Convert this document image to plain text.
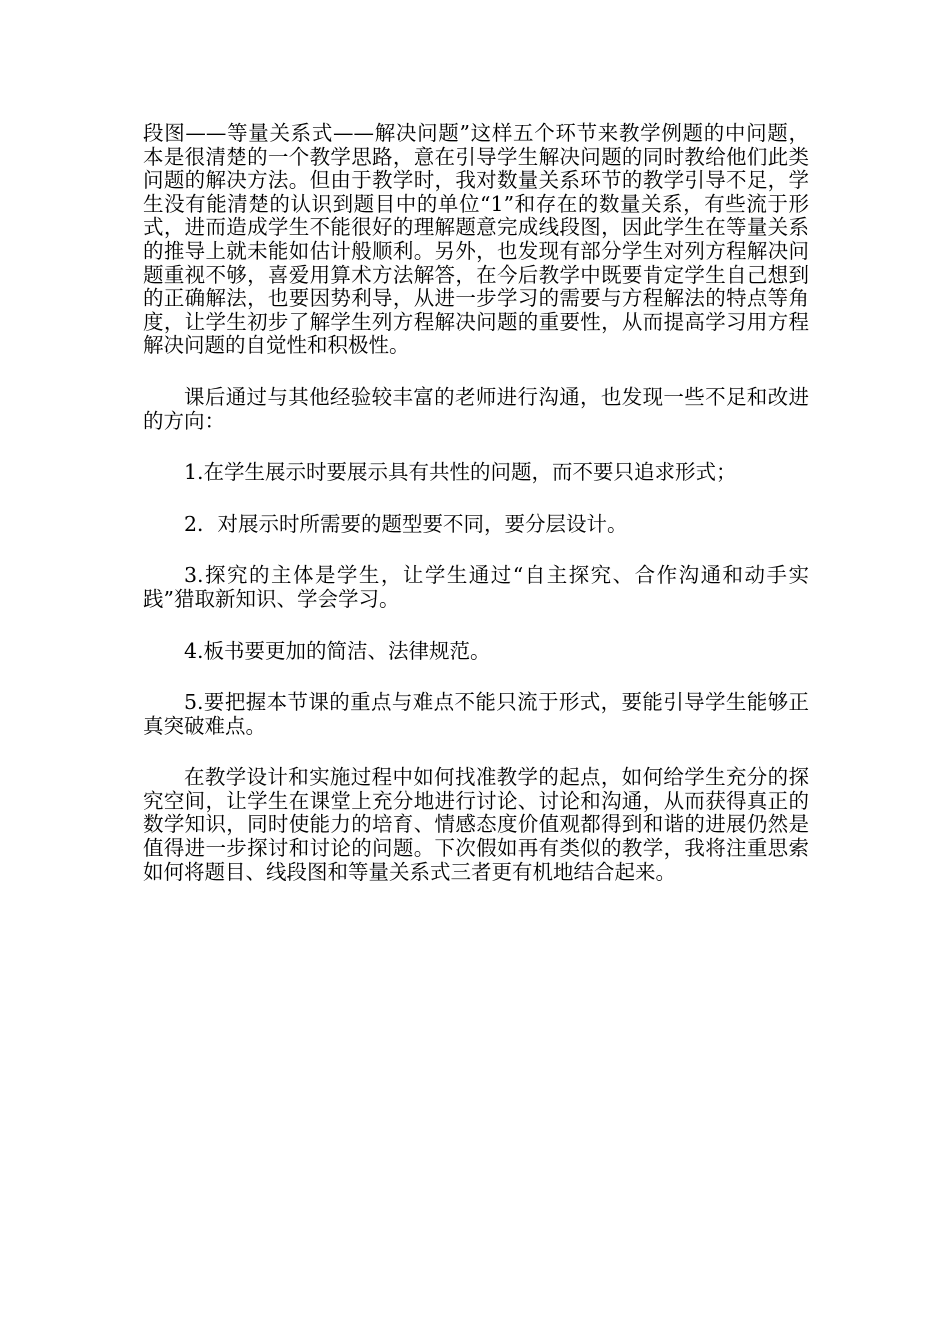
段图——等量关系式——解决问题”这样五个环节来教学例题的中问题，本是很清楚的一个教学思路，意在引导学生解决问题的同时教给他们此类问题的解决方法。但由于教学时，我对数量关系环节的教学引导不足，学生没有能清楚的认识到题目中的单位“1”和存在的数量关系，有些流于形式，进而造成学生不能很好的理解题意完成线段图，因此学生在等量关系的推导上就未能如估计般顺利。另外，也发现有部分学生对列方程解决问题重视不够，喜爱用算术方法解答，在今后教学中既要肯定学生自己想到的正确解法，也要因势利导，从进一步学习的需要与方程解法的特点等角度，让学生初步了解学生列方程解决问题的重要性，从而提高学习用方程解决问题的自觉性和积极性。

课后通过与其他经验较丰富的老师进行沟通，也发现一些不足和改进的方向：

1.在学生展示时要展示具有共性的问题，而不要只追求形式；

2．对展示时所需要的题型要不同，要分层设计。

3.探究的主体是学生，让学生通过“自主探究、合作沟通和动手实践”猎取新知识、学会学习。

4.板书要更加的简洁、法律规范。

5.要把握本节课的重点与难点不能只流于形式，要能引导学生能够正真突破难点。

在教学设计和实施过程中如何找准教学的起点，如何给学生充分的探究空间，让学生在课堂上充分地进行讨论、讨论和沟通，从而获得真正的数学知识，同时使能力的培育、情感态度价值观都得到和谐的进展仍然是值得进一步探讨和讨论的问题。下次假如再有类似的教学，我将注重思索如何将题目、线段图和等量关系式三者更有机地结合起来。
